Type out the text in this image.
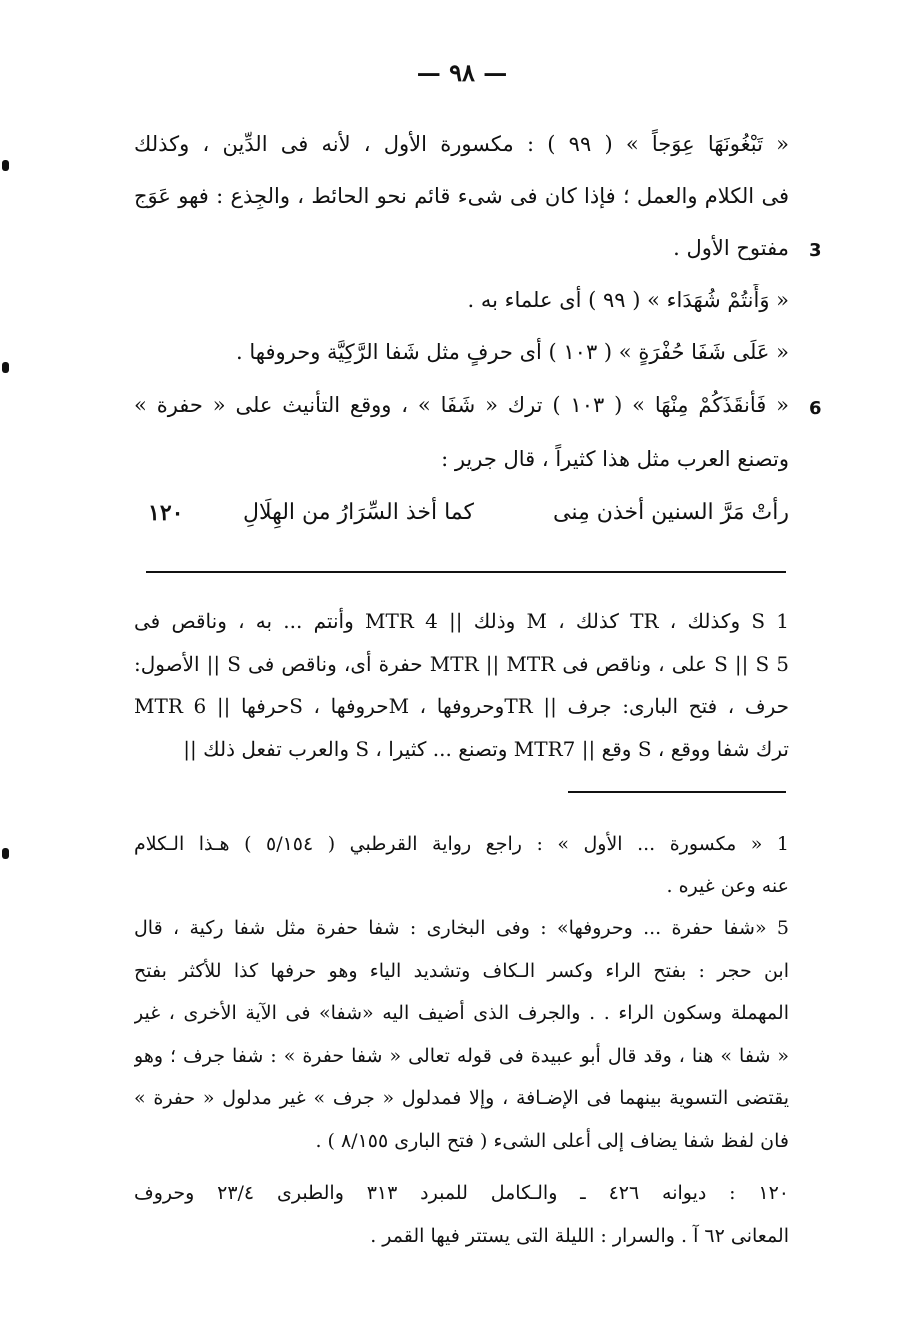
— ٩٨ —
« تَبْغُونَهَا عِوَجاً » ( ٩٩ ) : مكسورة الأول ، لأنه فى الدِّين ، وكذلك
فى الكلام والعمل ؛ فإذا كان فى شىء قائم نحو الحائط ، والجِذع : فهو عَوَج
مفتوح الأول . 3
« وَأَنتُمْ شُهَدَاء » ( ٩٩ ) أى علماء به .
« عَلَى شَفَا حُفْرَةٍ » ( ١٠٣ ) أى حرفٍ مثل شَفا الرَّكِيَّة وحروفها .
« فَأَنقَذَكُمْ مِنْهَا » ( ١٠٣ ) ترك « شَفَا » ، ووقع التأنيث على « حفرة » 6
وتصنع العرب مثل هذا كثيراً ، قال جرير :
رأتْ مَرَّ السنين أخذن مِنى
كما أخذ السِّرَارُ من الهِلَالِ
١٢٠
S 1 وكذلك ، TR كذلك ، M وذلك || MTR 4 وأنتم ... به ، وناقص فى
S || S 5 على ، وناقص فى MTR || MTR حفرة أى، وناقص فى S || الأصول:
حرف ، فتح البارى: جرف || TRوحروفها ، Mحروفها ، Sحرفها || MTR 6
ترك شفا ووقع ، S وقع || MTR7 وتصنع ... كثيرا ، S والعرب تفعل ذلك ||
1 « مكسورة ... الأول » : راجع رواية القرطبي ( ٥/١٥٤ ) هـذا الـكلام
عنه وعن غيره .
5 «شفا حفرة ... وحروفها» : وفى البخارى : شفا حفرة مثل شفا ركية ، قال
ابن حجر : بفتح الراء وكسر الـكاف وتشديد الياء وهو حرفها كذا للأكثر بفتح
المهملة وسكون الراء . . والجرف الذى أضيف اليه «شفا» فى الآية الأخرى ، غير
« شفا » هنا ، وقد قال أبو عبيدة فى قوله تعالى « شفا حفرة » : شفا جرف ؛ وهو
يقتضى التسوية بينهما فى الإضـافة ، وإلا فمدلول « جرف » غير مدلول « حفرة »
فان لفظ شفا يضاف إلى أعلى الشىء ( فتح البارى ٨/١٥٥ ) .
١٢٠ : ديوانه ٤٢٦ ـ والـكامل للمبرد ٣١٣ والطبرى ٢٣/٤ وحروف
المعانى ٦٢ آ . والسرار : الليلة التى يستتر فيها القمر .
